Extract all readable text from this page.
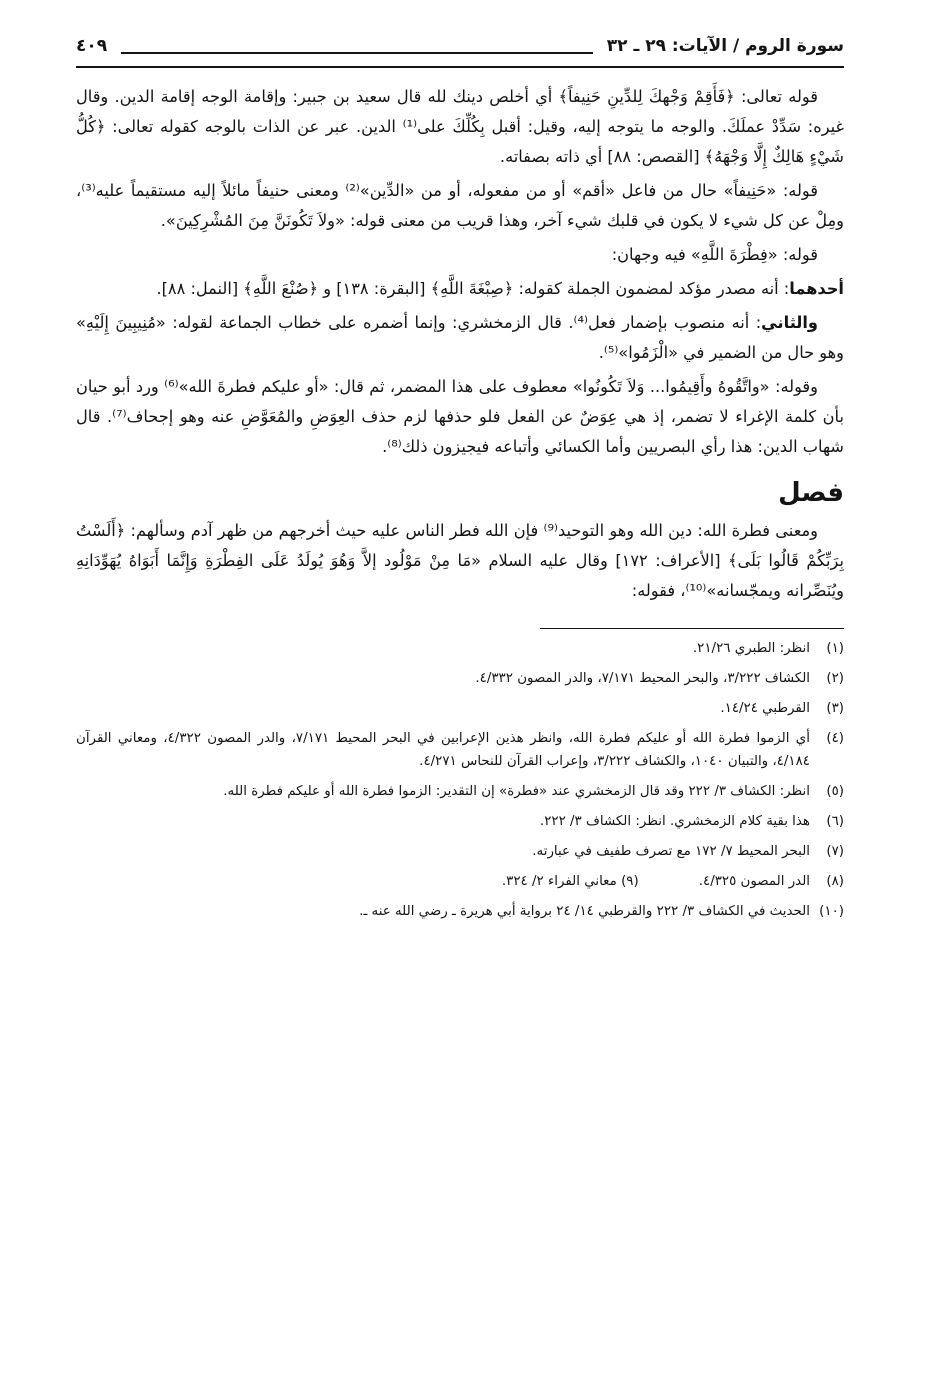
سورة الروم / الآيات: ٢٩ ـ ٣٢
٤٠٩

قوله تعالى: ﴿فَأَقِمْ وَجْهكَ لِلدِّينِ حَنِيفاً﴾ أي أخلص دينك لله قال سعيد بن جبير: وإقامة الوجه إقامة الدين. وقال غيره: سَدِّدْ عملَكَ. والوجه ما يتوجه إليه، وقيل: أقبل بِكُلِّكَ على⁽¹⁾ الدين. عبر عن الذات بالوجه كقوله تعالى: ﴿كُلُّ شَيْءٍ هَالِكٌ إِلَّا وَجْهَهُ﴾ [القصص: ٨٨] أي ذاته بصفاته.

قوله: «حَنِيفاً» حال من فاعل «أقم» أو من مفعوله، أو من «الدِّين»⁽²⁾ ومعنى حنيفاً مائلاً إليه مستقيماً عليه⁽³⁾، ومِلْ عن كل شيء لا يكون في قلبك شيء آخر، وهذا قريب من معنى قوله: «ولاَ تَكُونَنَّ مِنَ المُشْرِكِينَ».

قوله: «فِطْرَةَ اللَّهِ» فيه وجهان:

أحدهما: أنه مصدر مؤكد لمضمون الجملة كقوله: ﴿صِبْغَةَ اللَّهِ﴾ [البقرة: ١٣٨] و ﴿صُنْعَ اللَّهِ﴾ [النمل: ٨٨].

والثاني: أنه منصوب بإضمار فعل⁽⁴⁾. قال الزمخشري: وإنما أضمره على خطاب الجماعة لقوله: «مُنِيبِينَ إِلَيْهِ» وهو حال من الضمير في «الْزَمُوا»⁽⁵⁾.

وقوله: «واتَّقُوهُ وأَقِيمُوا... وَلاَ تَكُونُوا» معطوف على هذا المضمر، ثم قال: «أو عليكم فطرةَ الله»⁽⁶⁾ ورد أبو حيان بأن كلمة الإغراء لا تضمر، إذ هي عِوَضٌ عن الفعل فلو حذفها لزم حذف العِوَضِ والمُعَوَّضِ عنه وهو إجحاف⁽⁷⁾. قال شهاب الدين: هذا رأي البصريين وأما الكسائي وأتباعه فيجيزون ذلك⁽⁸⁾.

فصل

ومعنى فطرة الله: دين الله وهو التوحيد⁽⁹⁾ فإن الله فطر الناس عليه حيث أخرجهم من ظهر آدم وسألهم: ﴿أَلَسْتُ بِرَبِّكُمْ قَالُوا بَلَى﴾ [الأعراف: ١٧٢] وقال عليه السلام «مَا مِنْ مَوْلُود إلاَّ وَهُوَ يُولَدُ عَلَى الفِطْرَةِ وَإِنَّمَا أَبَوَاهُ يُهَوِّدَانِهِ ويُنَصِّرانه ويمجّسانه»⁽¹⁰⁾، فقوله:

(١)
انظر: الطبري ٢١/٢٦.
(٢)
الكشاف ٣/٢٢٢، والبحر المحيط ٧/١٧١، والدر المصون ٤/٣٣٢.
(٣)
القرطبي ١٤/٢٤.
(٤)
أي الزموا فطرة الله أو عليكم فطرة الله، وانظر هذين الإعرابين في البحر المحيط ٧/١٧١، والدر المصون ٤/٣٢٢، ومعاني القرآن ٤/١٨٤، والتبيان ١٠٤٠، والكشاف ٣/٢٢٢، وإعراب القرآن للنحاس ٤/٢٧١.
(٥)
انظر: الكشاف ٣/ ٢٢٢ وقد قال الزمخشري عند «فطرة» إن التقدير: الزموا فطرة الله أو عليكم فطرة الله.
(٦)
هذا بقية كلام الزمخشري. انظر: الكشاف ٣/ ٢٢٢.
(٧)
البحر المحيط ٧/ ١٧٢ مع تصرف طفيف في عبارته.
(٨)
الدر المصون ٤/٣٢٥.
(٩) معاني الفراء ٢/ ٣٢٤.
(١٠)
الحديث في الكشاف ٣/ ٢٢٢ والقرطبي ١٤/ ٢٤ برواية أبي هريرة ـ رضي الله عنه ـ.
